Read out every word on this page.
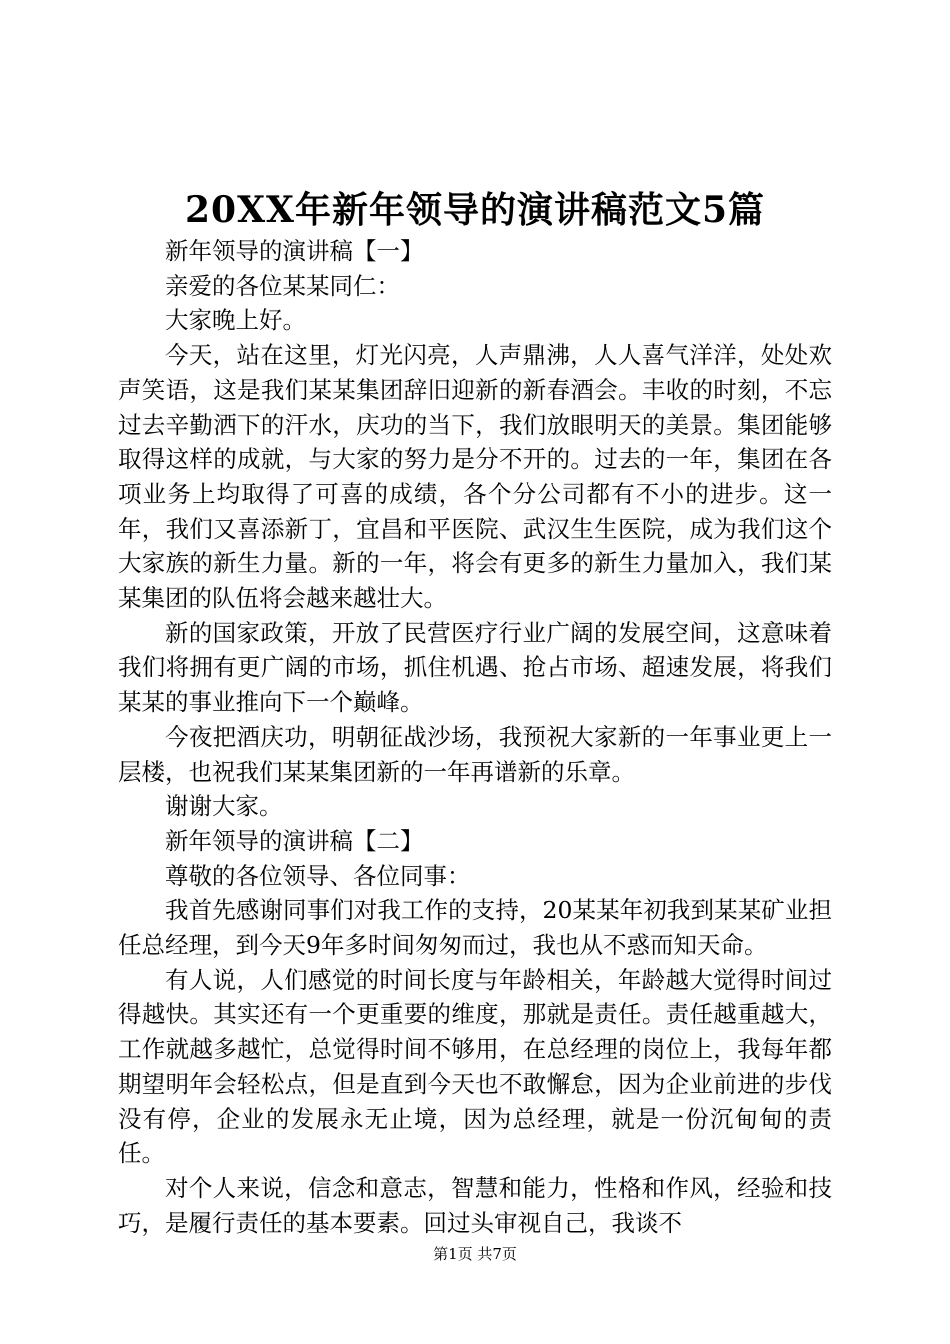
20XX年新年领导的演讲稿范文5篇

新年领导的演讲稿【一】

亲爱的各位某某同仁：

大家晚上好。

今天，站在这里，灯光闪亮，人声鼎沸，人人喜气洋洋，处处欢声笑语，这是我们某某集团辞旧迎新的新春酒会。丰收的时刻，不忘过去辛勤洒下的汗水，庆功的当下，我们放眼明天的美景。集团能够取得这样的成就，与大家的努力是分不开的。过去的一年，集团在各项业务上均取得了可喜的成绩，各个分公司都有不小的进步。这一年，我们又喜添新丁，宜昌和平医院、武汉生生医院，成为我们这个大家族的新生力量。新的一年，将会有更多的新生力量加入，我们某某集团的队伍将会越来越壮大。

新的国家政策，开放了民营医疗行业广阔的发展空间，这意味着我们将拥有更广阔的市场，抓住机遇、抢占市场、超速发展，将我们某某的事业推向下一个巅峰。

今夜把酒庆功，明朝征战沙场，我预祝大家新的一年事业更上一层楼，也祝我们某某集团新的一年再谱新的乐章。

谢谢大家。

新年领导的演讲稿【二】

尊敬的各位领导、各位同事：

我首先感谢同事们对我工作的支持，20某某年初我到某某矿业担任总经理，到今天9年多时间匆匆而过，我也从不惑而知天命。

有人说，人们感觉的时间长度与年龄相关，年龄越大觉得时间过得越快。其实还有一个更重要的维度，那就是责任。责任越重越大，工作就越多越忙，总觉得时间不够用，在总经理的岗位上，我每年都期望明年会轻松点，但是直到今天也不敢懈怠，因为企业前进的步伐没有停，企业的发展永无止境，因为总经理，就是一份沉甸甸的责任。

对个人来说，信念和意志，智慧和能力，性格和作风，经验和技巧，是履行责任的基本要素。回过头审视自己，我谈不

第1页 共7页
